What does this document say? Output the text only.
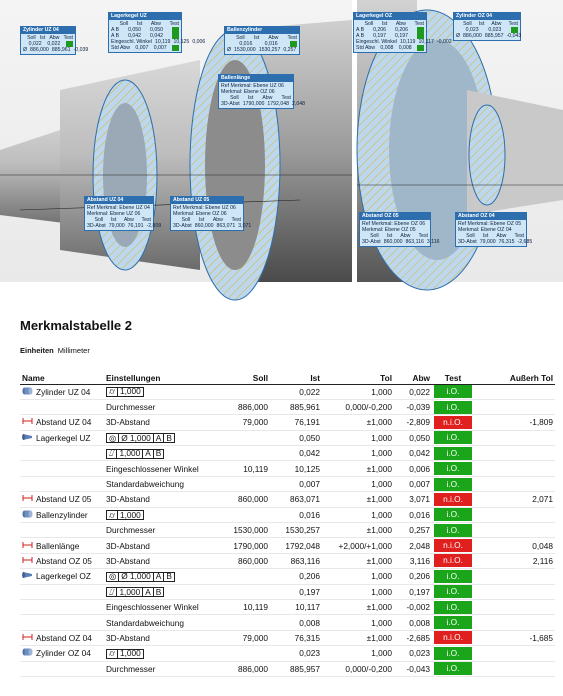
Zylinder UZ 04
Soll Ist Abw Test
0,022 0,022
Ø 886,000 885,961 -0,039
Lagerkegel UZ
Soll Ist Abw Test
A B 0,050 0,050
A B 0,042 0,042
Eingeschl. Winkel 10,119 10,125 0,006
Std Abw 0,007 0,007
Ballenzylinder
Soll Ist Abw Test
0,016 0,016
Ø 1530,000 1530,257 0,257
Ballenlänge
Ref Merkmal: Ebene UZ 06
Merkmal: Ebene OZ 06
Soll Ist Abw Test
3D-Abst 1790,000 1792,048 2,048
Abstand UZ 04
Ref Merkmal: Ebene UZ 04
Merkmal: Ebene UZ 06
Soll Ist Abw Test
3D-Abst 79,000 76,191 -2,809
Abstand UZ 05
Ref Merkmal: Ebene UZ 06
Merkmal: Ebene OZ 06
Soll Ist Abw Test
3D-Abst 860,000 863,071 3,071
Lagerkegel OZ
Soll Ist Abw Test
A B 0,206 0,206
A B 0,197 0,197
Eingeschl. Winkel 10,119 10,117 -0,002
Std Abw 0,008 0,008
Zylinder OZ 04
Soll Ist Abw Test
0,023 0,023
Ø 886,000 885,957 -0,043
Abstand OZ 05
Ref Merkmal: Ebene OZ 06
Merkmal: Ebene OZ 05
Soll Ist Abw Test
3D-Abst 860,000 863,116 3,116
Abstand OZ 04
Ref Merkmal: Ebene OZ 05
Merkmal: Ebene OZ 04
Soll Ist Abw Test
3D-Abst 79,000 76,315 -2,685
Merkmalstabelle 2
Einheiten Millimeter
Name	Einstellungen	Soll	Ist	Tol	Abw	Test	Außerh Tol

Zylinder UZ 04	⌭ 1,000		0,022	1,000	0,022	i.O.	

	Durchmesser	886,000	885,961	0,000/-0,200	-0,039	i.O.	

Abstand UZ 04	3D-Abstand	79,000	76,191	±1,000	-2,809	n.i.O.	-1,809

Lagerkegel UZ	◎ Ø 1,000 A B		0,050	1,000	0,050	i.O.	

	⌰ 1,000 A B		0,042	1,000	0,042	i.O.	

	Eingeschlossener Winkel	10,119	10,125	±1,000	0,006	i.O.	

	Standardabweichung		0,007	1,000	0,007	i.O.	

Abstand UZ 05	3D-Abstand	860,000	863,071	±1,000	3,071	n.i.O.	2,071

Ballenzylinder	⌭ 1,000		0,016	1,000	0,016	i.O.	

	Durchmesser	1530,000	1530,257	±1,000	0,257	i.O.	

Ballenlänge	3D-Abstand	1790,000	1792,048	+2,000/+1,000	2,048	n.i.O.	0,048

Abstand OZ 05	3D-Abstand	860,000	863,116	±1,000	3,116	n.i.O.	2,116

Lagerkegel OZ	◎ Ø 1,000 A B		0,206	1,000	0,206	i.O.	

	⌰ 1,000 A B		0,197	1,000	0,197	i.O.	

	Eingeschlossener Winkel	10,119	10,117	±1,000	-0,002	i.O.	

	Standardabweichung		0,008	1,000	0,008	i.O.	

Abstand OZ 04	3D-Abstand	79,000	76,315	±1,000	-2,685	n.i.O.	-1,685

Zylinder OZ 04	⌭ 1,000		0,023	1,000	0,023	i.O.	

	Durchmesser	886,000	885,957	0,000/-0,200	-0,043	i.O.	
